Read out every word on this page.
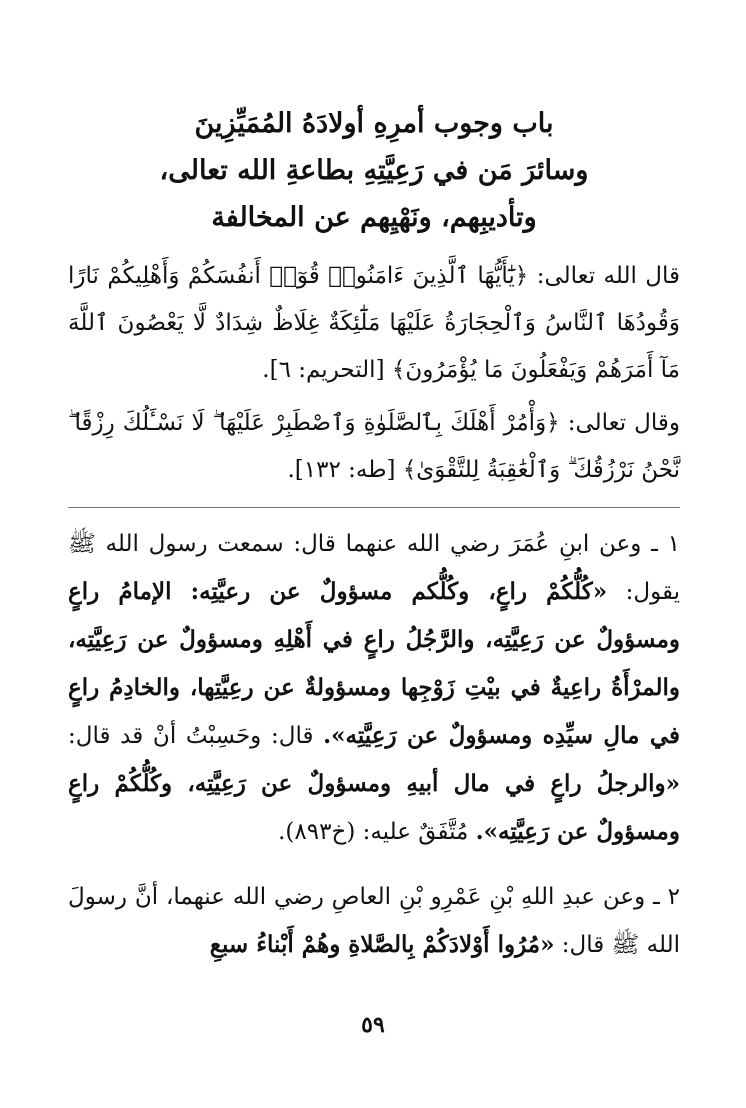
باب وجوب أمرِهِ أولادَهُ المُمَيِّزِينَ
وسائرَ مَن في رَعِيَّتِهِ بطاعةِ الله تعالى،
وتأديبِهم، ونَهْيِهم عن المخالفة

قال الله تعالى: ﴿يَٰٓأَيُّهَا ٱلَّذِينَ ءَامَنُوا۟ قُوٓا۟ أَنفُسَكُمْ وَأَهْلِيكُمْ نَارًا وَقُودُهَا ٱلنَّاسُ وَٱلْحِجَارَةُ عَلَيْهَا مَلَٰٓئِكَةٌ غِلَاظٌ شِدَادٌ لَّا يَعْصُونَ ٱللَّهَ مَآ أَمَرَهُمْ وَيَفْعَلُونَ مَا يُؤْمَرُونَ﴾ [التحريم: ٦].

وقال تعالى: ﴿وَأْمُرْ أَهْلَكَ بِٱلصَّلَوٰةِ وَٱصْطَبِرْ عَلَيْهَا ۖ لَا نَسْـَٔلُكَ رِزْقًا ۖ نَّحْنُ نَرْزُقُكَ ۗ وَٱلْعَٰقِبَةُ لِلتَّقْوَىٰ﴾ [طه: ١٣٢].

١ ـ وعن ابنِ عُمَرَ رضي الله عنهما قال: سمعت رسول الله ﷺ يقول: «كُلُّكُمْ راعٍ، وكُلُّكم مسؤولٌ عن رعيَّتِه: الإمامُ راعٍ ومسؤولٌ عن رَعِيَّتِه، والرَّجُلُ راعٍ في أَهْلِهِ ومسؤولٌ عن رَعِيَّتِه، والمرْأَةُ راعِيةٌ في بيْتِ زَوْجِها ومسؤولةٌ عن رعِيَّتِها، والخادِمُ راعٍ في مالِ سيِّدِه ومسؤولٌ عن رَعِيَّتِه». قال: وحَسِبْتُ أنْ قد قال: «والرجلُ راعٍ في مال أبيهِ ومسؤولٌ عن رَعِيَّتِه، وكُلُّكُمْ راعٍ ومسؤولٌ عن رَعِيَّتِه». مُتَّفَقٌ عليه: (خ٨٩٣).

٢ ـ وعن عبدِ اللهِ بْنِ عَمْرِو بْنِ العاصِ رضي الله عنهما، أنَّ رسولَ الله ﷺ قال: «مُرُوا أَوْلادَكُمْ بِالصَّلاةِ وهُمْ أَبْناءُ سبعِ

٥٩
